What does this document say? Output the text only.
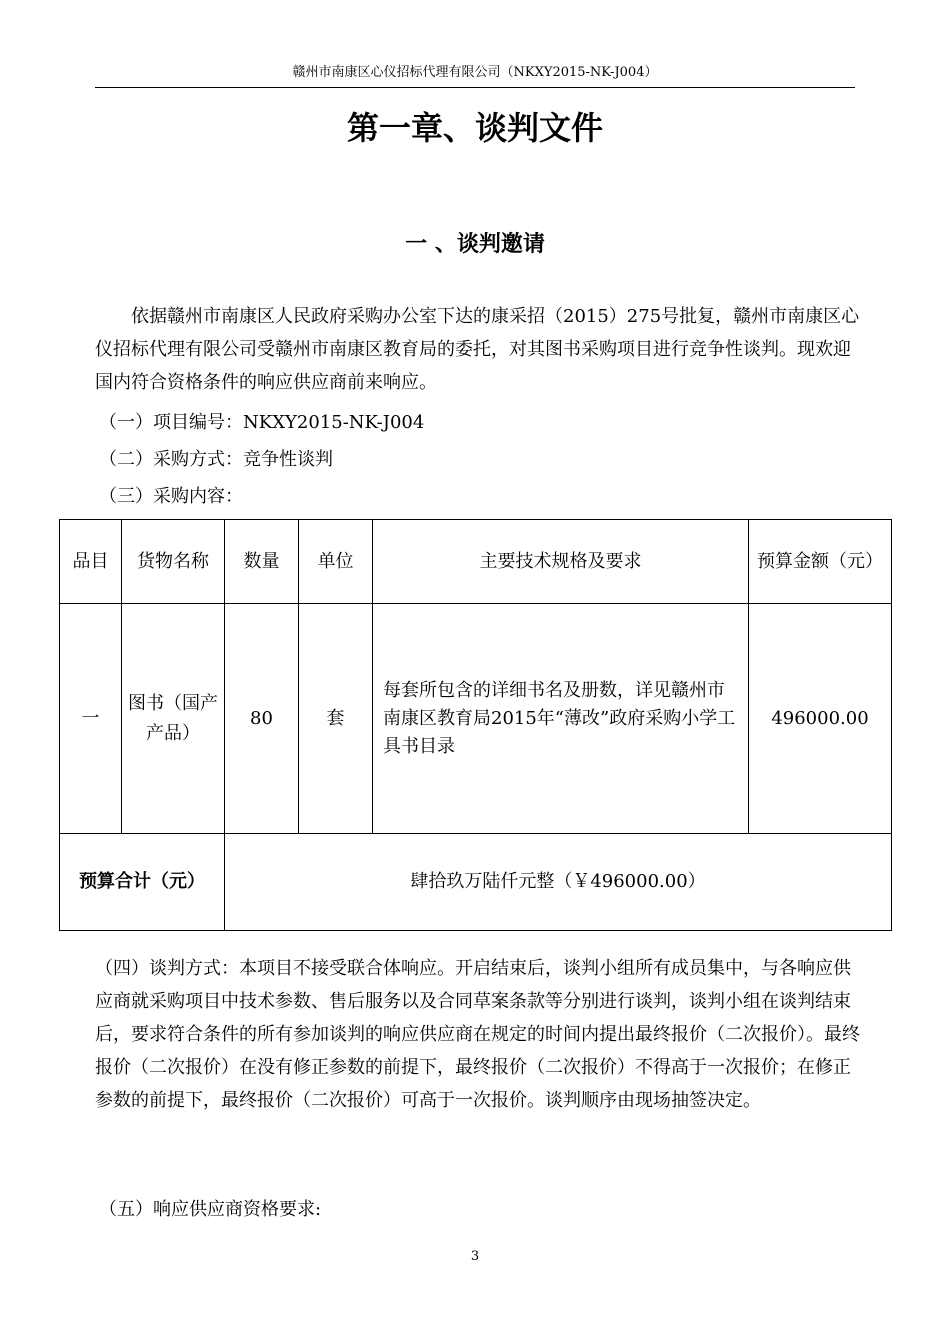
赣州市南康区心仪招标代理有限公司（NKXY2015-NK-J004）
第一章、谈判文件
一 、谈判邀请
依据赣州市南康区人民政府采购办公室下达的康采招（2015）275号批复，赣州市南康区心仪招标代理有限公司受赣州市南康区教育局的委托，对其图书采购项目进行竞争性谈判。现欢迎国内符合资格条件的响应供应商前来响应。
（一）项目编号：NKXY2015-NK-J004
（二）采购方式：竞争性谈判
（三）采购内容：
品目	货物名称	数量	单位	主要技术规格及要求	预算金额（元）
一	图书（国产产品）	80	套	每套所包含的详细书名及册数，详见赣州市南康区教育局2015年“薄改”政府采购小学工具书目录	496000.00
预算合计（元）		肆拾玖万陆仟元整（￥496000.00）			
（四）谈判方式：本项目不接受联合体响应。开启结束后，谈判小组所有成员集中，与各响应供应商就采购项目中技术参数、售后服务以及合同草案条款等分别进行谈判，谈判小组在谈判结束后，要求符合条件的所有参加谈判的响应供应商在规定的时间内提出最终报价（二次报价）。最终报价（二次报价）在没有修正参数的前提下，最终报价（二次报价）不得高于一次报价；在修正参数的前提下，最终报价（二次报价）可高于一次报价。谈判顺序由现场抽签决定。
（五）响应供应商资格要求:
3
